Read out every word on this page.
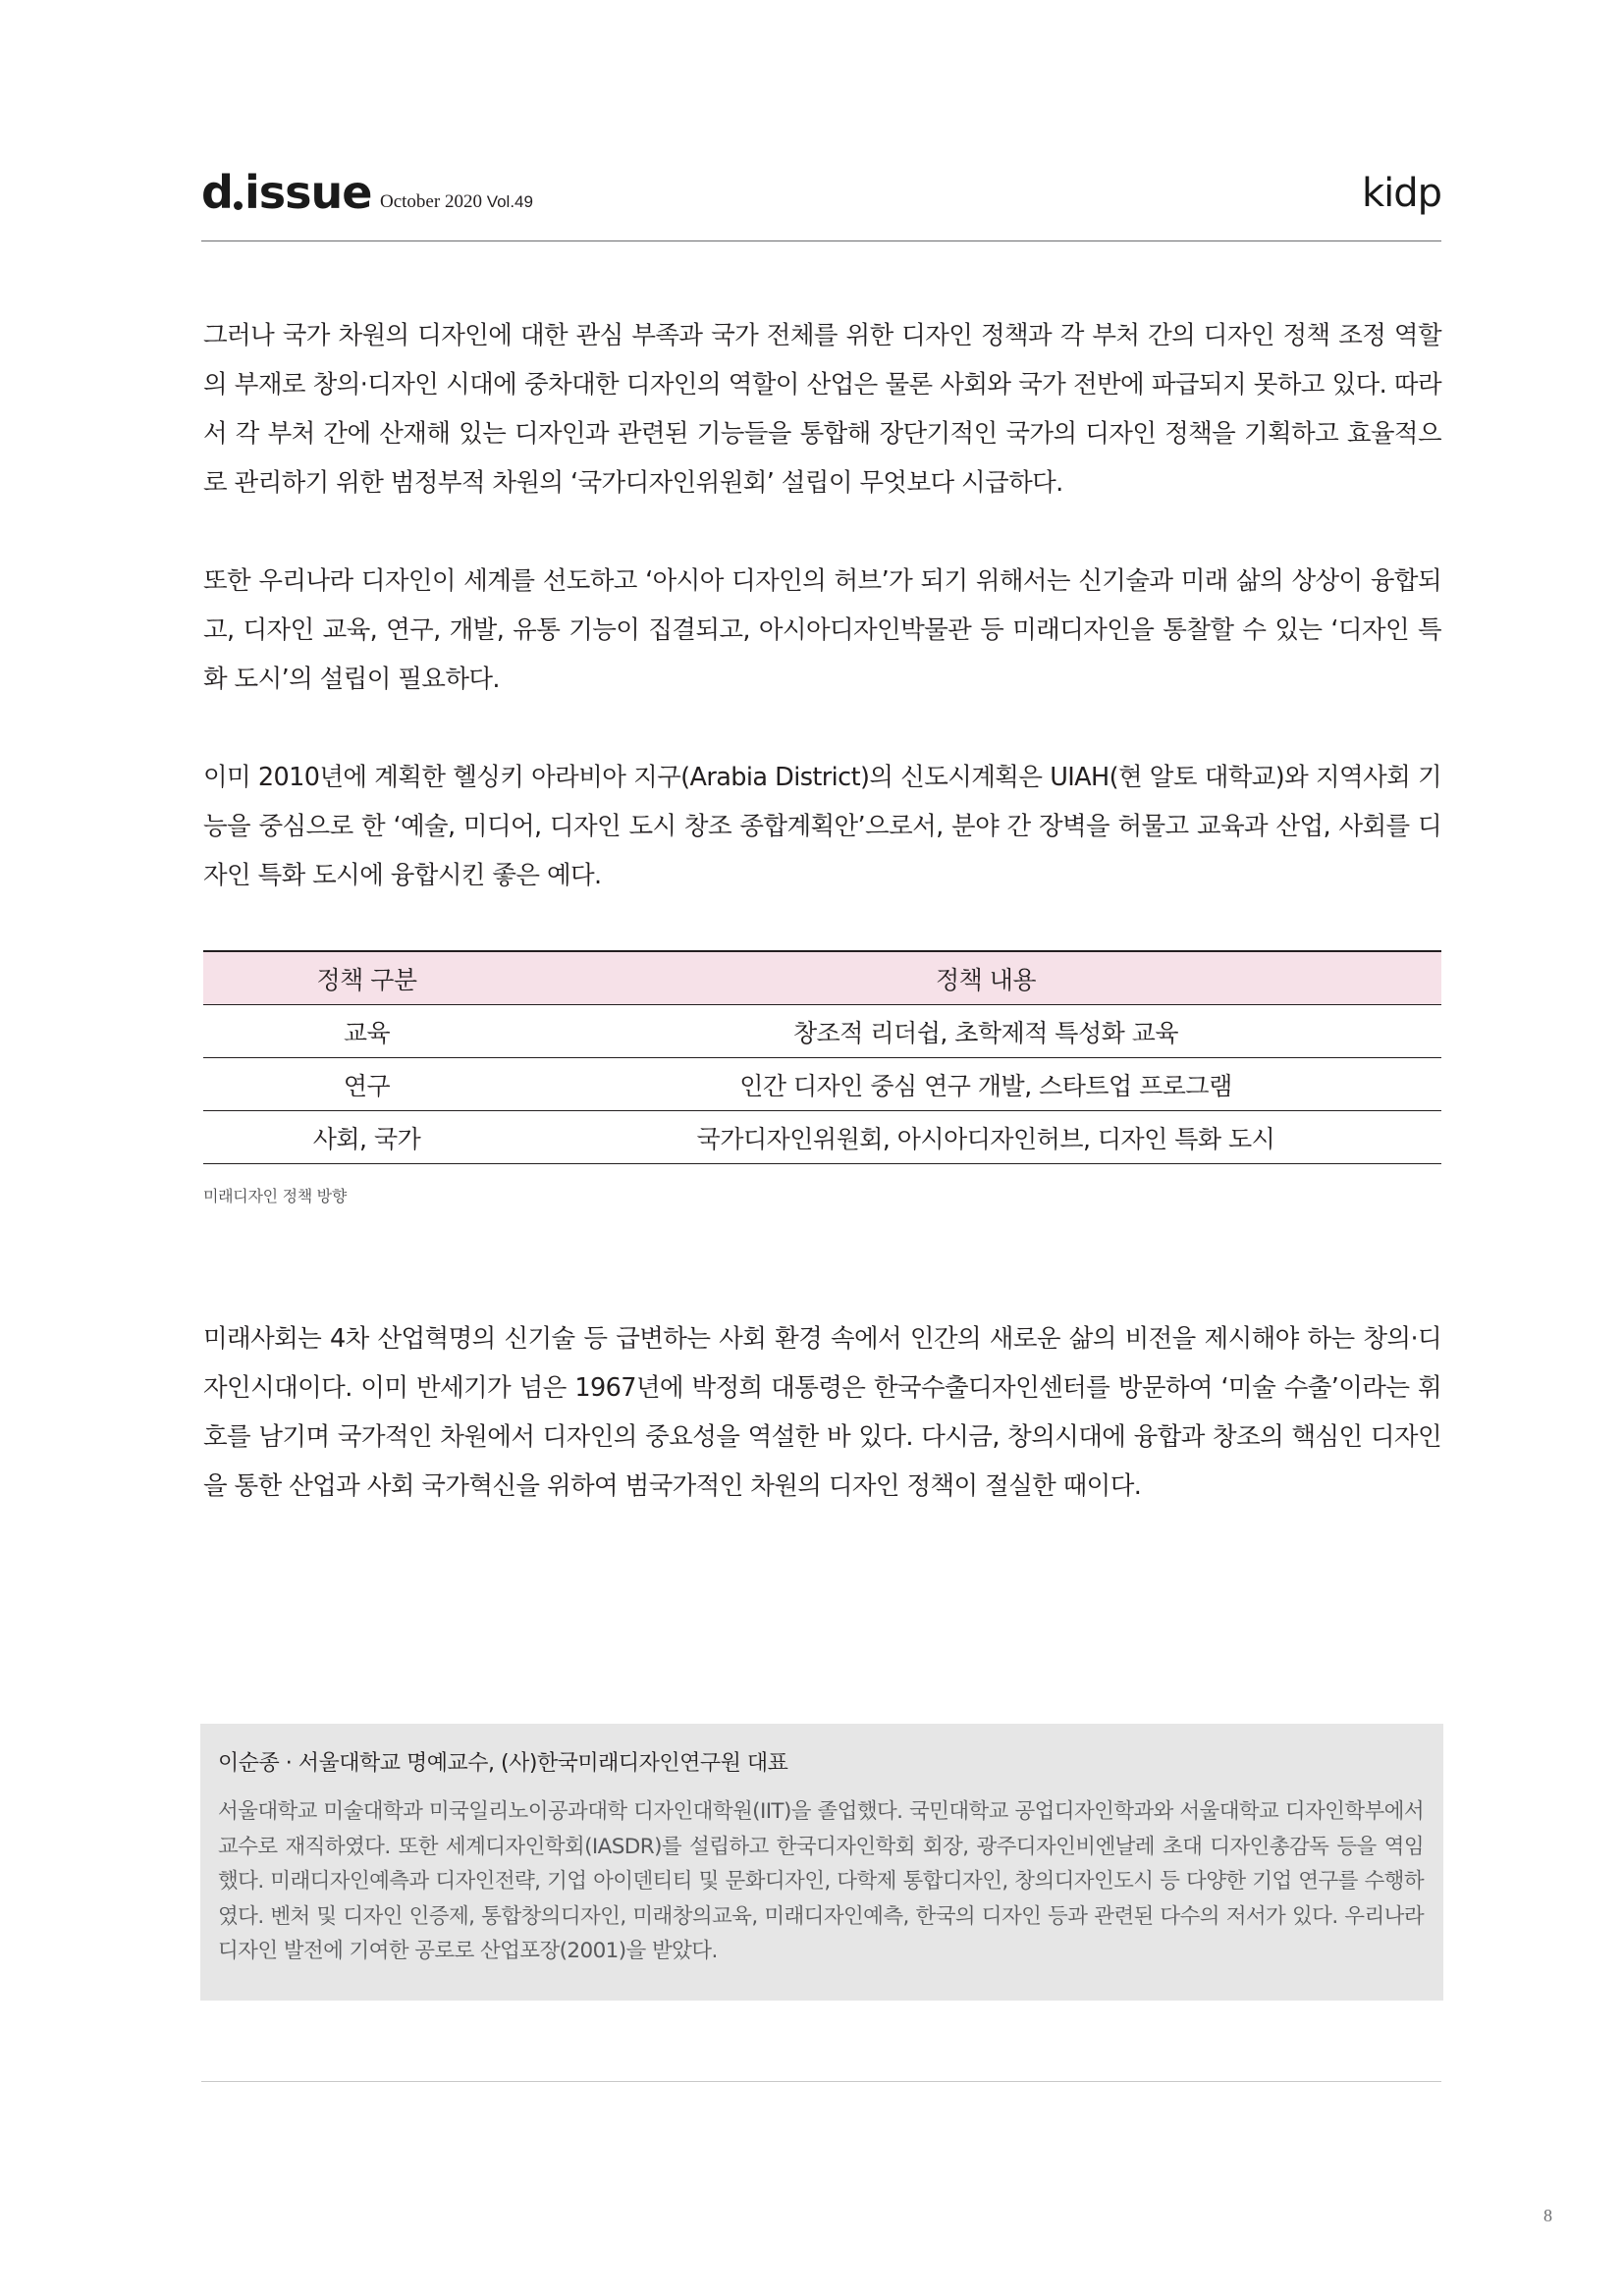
d issue October 2020 Vol.49	kidp

그러나 국가 차원의 디자인에 대한 관심 부족과 국가 전체를 위한 디자인 정책과 각 부처 간의 디자인 정책 조정 역할의 부재로 창의·디자인 시대에 중차대한 디자인의 역할이 산업은 물론 사회와 국가 전반에 파급되지 못하고 있다. 따라서 각 부처 간에 산재해 있는 디자인과 관련된 기능들을 통합해 장단기적인 국가의 디자인 정책을 기획하고 효율적으로 관리하기 위한 범정부적 차원의 ‘국가디자인위원회’ 설립이 무엇보다 시급하다.

또한 우리나라 디자인이 세계를 선도하고 ‘아시아 디자인의 허브’가 되기 위해서는 신기술과 미래 삶의 상상이 융합되고, 디자인 교육, 연구, 개발, 유통 기능이 집결되고, 아시아디자인박물관 등 미래디자인을 통찰할 수 있는 ‘디자인 특화 도시’의 설립이 필요하다.

이미 2010년에 계획한 헬싱키 아라비아 지구(Arabia District)의 신도시계획은 UIAH(현 알토 대학교)와 지역사회 기능을 중심으로 한 ‘예술, 미디어, 디자인 도시 창조 종합계획안’으로서, 분야 간 장벽을 허물고 교육과 산업, 사회를 디자인 특화 도시에 융합시킨 좋은 예다.

정책 구분	정책 내용
교육	창조적 리더쉽, 초학제적 특성화 교육
연구	인간 디자인 중심 연구 개발, 스타트업 프로그램
사회, 국가	국가디자인위원회, 아시아디자인허브, 디자인 특화 도시
미래디자인 정책 방향

미래사회는 4차 산업혁명의 신기술 등 급변하는 사회 환경 속에서 인간의 새로운 삶의 비전을 제시해야 하는 창의·디자인시대이다. 이미 반세기가 넘은 1967년에 박정희 대통령은 한국수출디자인센터를 방문하여 ‘미술 수출’이라는 휘호를 남기며 국가적인 차원에서 디자인의 중요성을 역설한 바 있다. 다시금, 창의시대에 융합과 창조의 핵심인 디자인을 통한 산업과 사회 국가혁신을 위하여 범국가적인 차원의 디자인 정책이 절실한 때이다.

이순종 · 서울대학교 명예교수, (사)한국미래디자인연구원 대표

서울대학교 미술대학과 미국일리노이공과대학 디자인대학원(IIT)을 졸업했다. 국민대학교 공업디자인학과와 서울대학교 디자인학부에서 교수로 재직하였다. 또한 세계디자인학회(IASDR)를 설립하고 한국디자인학회 회장, 광주디자인비엔날레 초대 디자인총감독 등을 역임했다. 미래디자인예측과 디자인전략, 기업 아이덴티티 및 문화디자인, 다학제 통합디자인, 창의디자인도시 등 다양한 기업 연구를 수행하였다. 벤처 및 디자인 인증제, 통합창의디자인, 미래창의교육, 미래디자인예측, 한국의 디자인 등과 관련된 다수의 저서가 있다. 우리나라 디자인 발전에 기여한 공로로 산업포장(2001)을 받았다.

8
